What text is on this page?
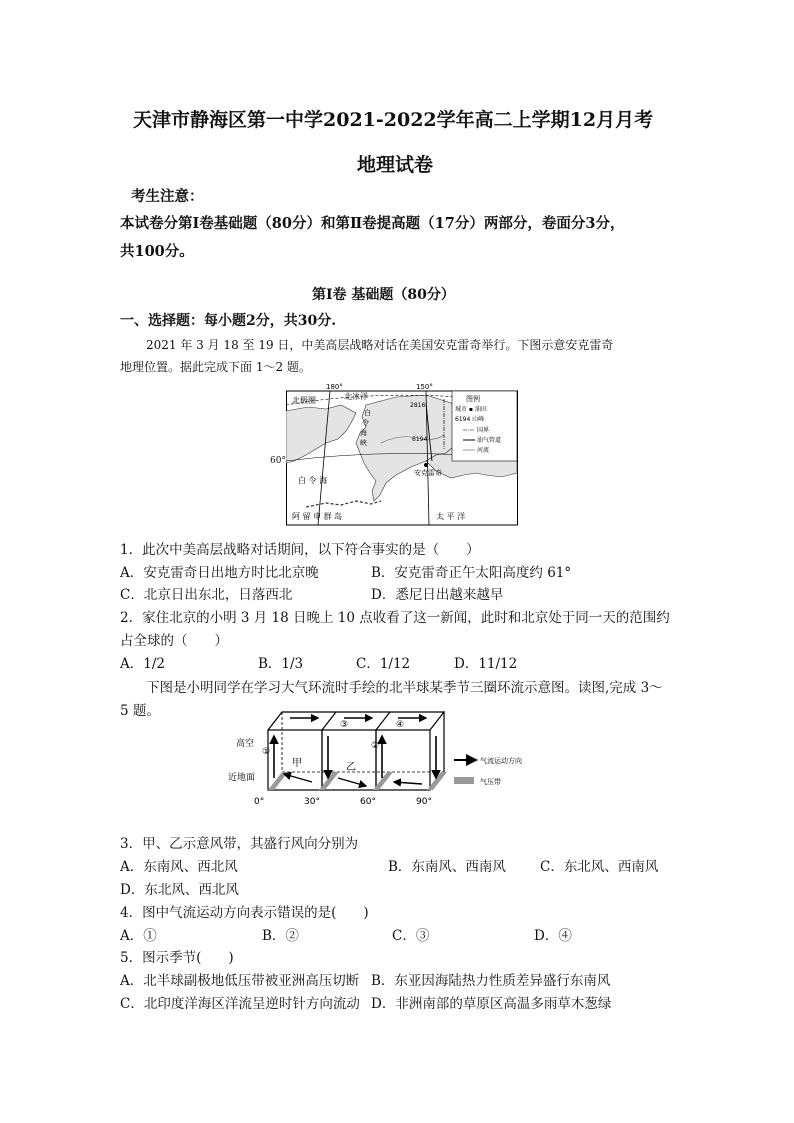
天津市静海区第一中学2021-2022学年高二上学期12月月考
地理试卷
考生注意：
本试卷分第Ⅰ卷基础题（80分）和第Ⅱ卷提高题（17分）两部分，卷面分3分，
共100分。
第Ⅰ卷 基础题（80分）
一、选择题：每小题2分，共30分.
2021 年 3 月 18 至 19 日，中美高层战略对话在美国安克雷奇举行。下图示意安克雷奇
地理位置。据此完成下面 1～2 题。
180°	150°
北极圈	北冰洋
2816
6194
白
令
海
峡
白 令 海
阿 留 申 群 岛	太 平 洋
安克雷奇
图例
城市 ▪ 油田
6194 山峰
国界
油气管道
河流
60°
1．此次中美高层战略对话期间，以下符合事实的是（　　）
A．安克雷奇日出地方时比北京晚	B．安克雷奇正午太阳高度约 61°
C．北京日出东北，日落西北	D．悉尼日出越来越早
2．家住北京的小明 3 月 18 日晚上 10 点收看了这一新闻，此时和北京处于同一天的范围约
占全球的（　　）
A．1/2	B．1/3	C．1/12	D．11/12
下图是小明同学在学习大气环流时手绘的北半球某季节三圈环流示意图。读图,完成 3～
5 题。
高空
近地面
①
②
③	④
甲	乙
0°	30°	60°	90°
气流运动方向
气压带
3．甲、乙示意风带，其盛行风向分别为
A．东南风、西北风	B．东南风、西南风	C．东北风、西南风
D．东北风、西北风
4．图中气流运动方向表示错误的是(　　)
A．①	B．②	C．③	D．④
5．图示季节(　　)
A．北半球副极地低压带被亚洲高压切断 B．东亚因海陆热力性质差异盛行东南风
C．北印度洋海区洋流呈逆时针方向流动 D．非洲南部的草原区高温多雨草木葱绿
